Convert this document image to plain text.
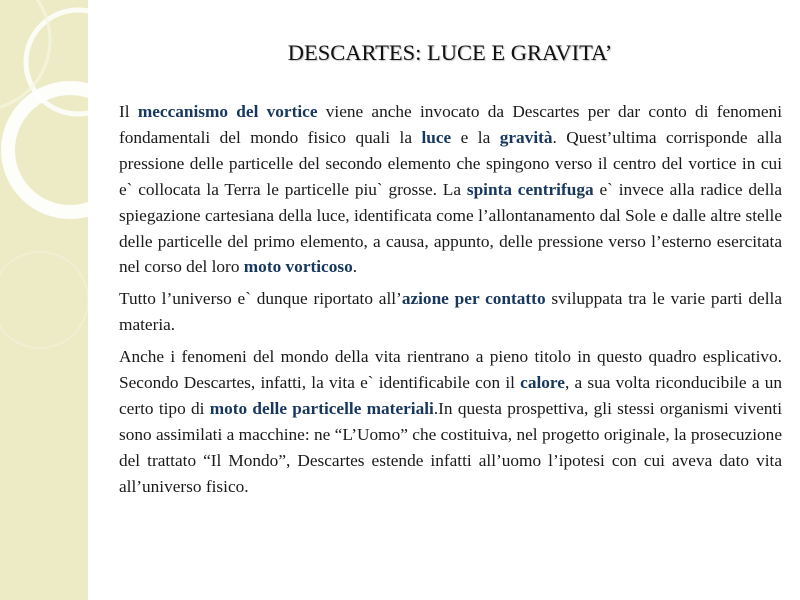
DESCARTES: LUCE E GRAVITA’

Il meccanismo del vortice viene anche invocato da Descartes per dar conto di fenomeni fondamentali del mondo fisico quali la luce e la gravità. Quest’ultima corrisponde alla pressione delle particelle del secondo elemento che spingono verso il centro del vortice in cui e` collocata la Terra le particelle piu` grosse. La spinta centrifuga e` invece alla radice della spiegazione cartesiana della luce, identificata come l’allontanamento dal Sole e dalle altre stelle delle particelle del primo elemento, a causa, appunto, delle pressione verso l’esterno esercitata nel corso del loro moto vorticoso.

Tutto l’universo e` dunque riportato all’azione per contatto sviluppata tra le varie parti della materia.

Anche i fenomeni del mondo della vita rientrano a pieno titolo in questo quadro esplicativo. Secondo Descartes, infatti, la vita e` identificabile con il calore, a sua volta riconducibile a un certo tipo di moto delle particelle materiali.In questa prospettiva, gli stessi organismi viventi sono assimilati a macchine: ne “L’Uomo” che costituiva, nel progetto originale, la prosecuzione del trattato “Il Mondo”, Descartes estende infatti all’uomo l’ipotesi con cui aveva dato vita all’universo fisico.
